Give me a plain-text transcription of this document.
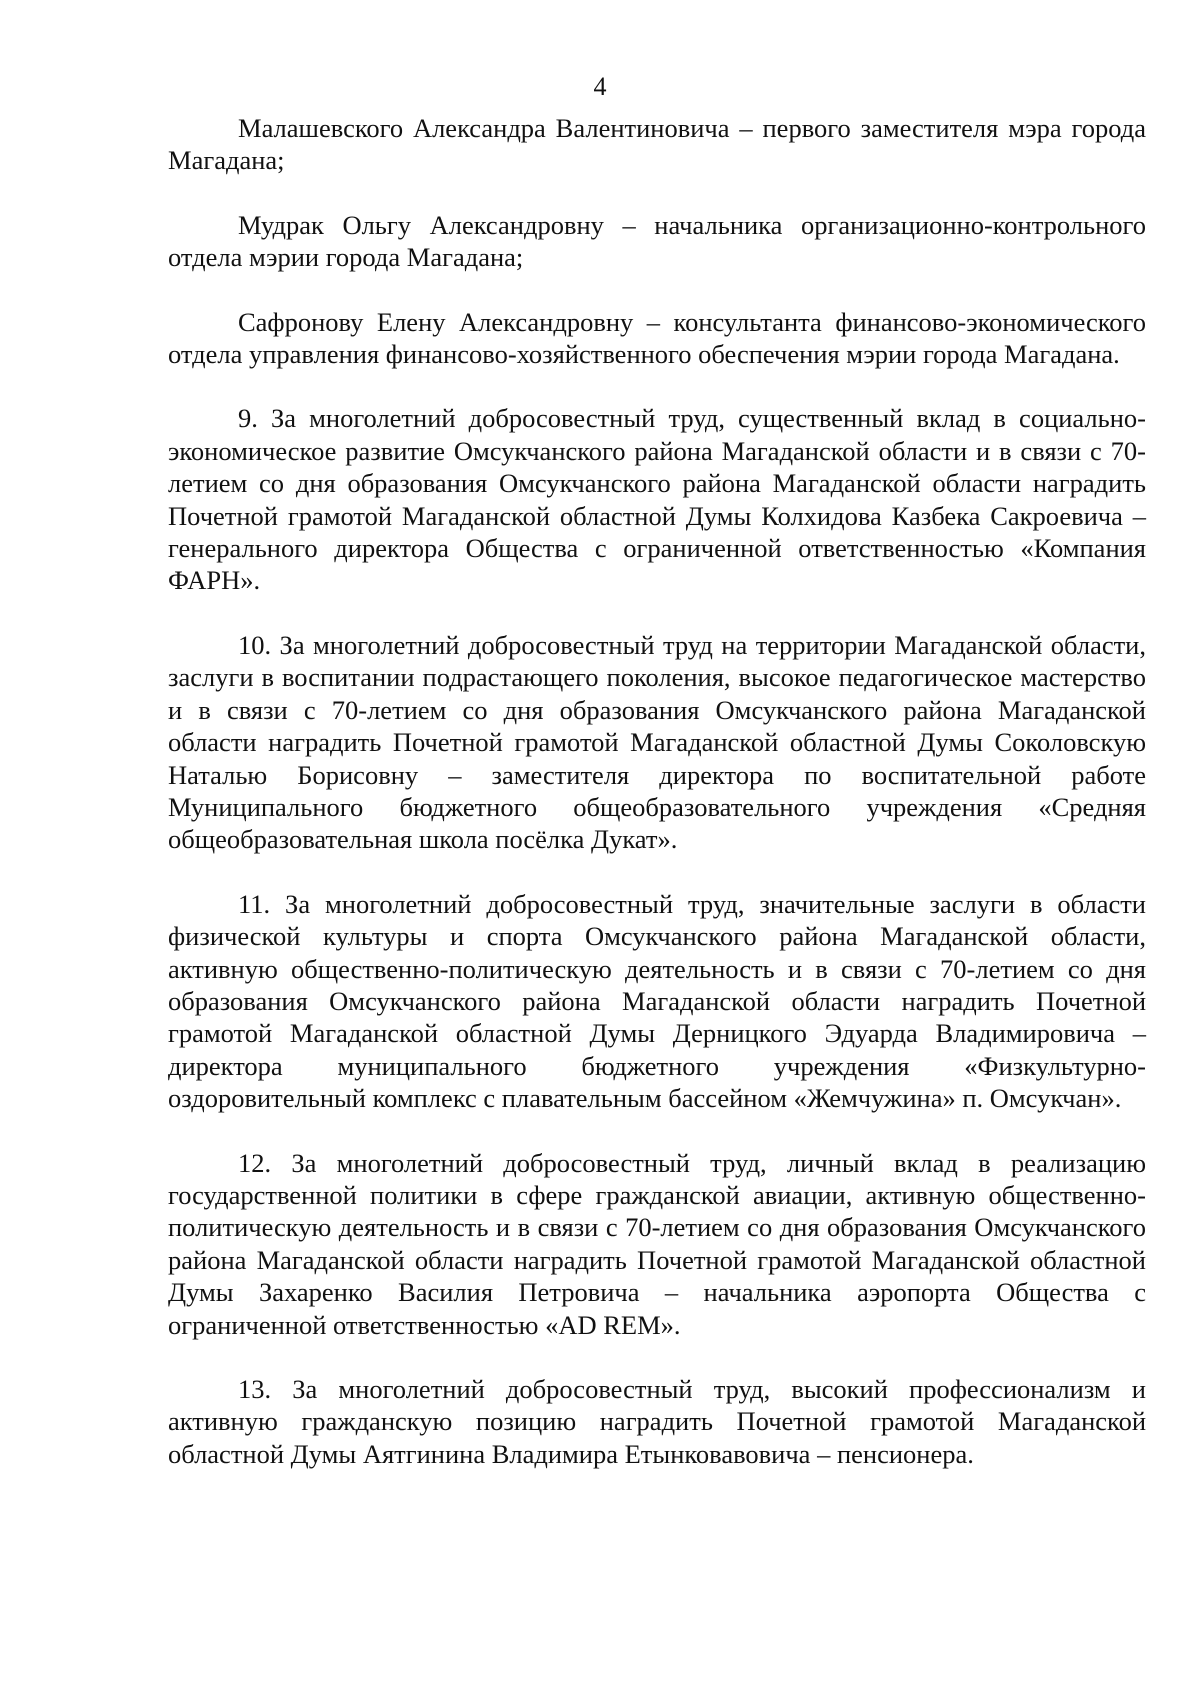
4

Малашевского Александра Валентиновича – первого заместителя мэра города Магадана;

Мудрак Ольгу Александровну – начальника организационно-контрольного отдела мэрии города Магадана;

Сафронову Елену Александровну – консультанта финансово-экономического отдела управления финансово-хозяйственного обеспечения мэрии города Магадана.

9. За многолетний добросовестный труд, существенный вклад в социально-экономическое развитие Омсукчанского района Магаданской области и в связи с 70-летием со дня образования Омсукчанского района Магаданской области наградить Почетной грамотой Магаданской областной Думы Колхидова Казбека Сакроевича – генерального директора Общества с ограниченной ответственностью «Компания ФАРН».

10. За многолетний добросовестный труд на территории Магаданской области, заслуги в воспитании подрастающего поколения, высокое педагогическое мастерство и в связи с 70-летием со дня образования Омсукчанского района Магаданской области наградить Почетной грамотой Магаданской областной Думы Соколовскую Наталью Борисовну – заместителя директора по воспитательной работе Муниципального бюджетного общеобразовательного учреждения «Средняя общеобразовательная школа посёлка Дукат».

11. За многолетний добросовестный труд, значительные заслуги в области физической культуры и спорта Омсукчанского района Магаданской области, активную общественно-политическую деятельность и в связи с 70-летием со дня образования Омсукчанского района Магаданской области наградить Почетной грамотой Магаданской областной Думы Дерницкого Эдуарда Владимировича – директора муниципального бюджетного учреждения «Физкультурно-оздоровительный комплекс с плавательным бассейном «Жемчужина» п. Омсукчан».

12. За многолетний добросовестный труд, личный вклад в реализацию государственной политики в сфере гражданской авиации, активную общественно-политическую деятельность и в связи с 70-летием со дня образования Омсукчанского района Магаданской области наградить Почетной грамотой Магаданской областной Думы Захаренко Василия Петровича – начальника аэропорта Общества с ограниченной ответственностью «AD REM».

13. За многолетний добросовестный труд, высокий профессионализм и активную гражданскую позицию наградить Почетной грамотой Магаданской областной Думы Аятгинина Владимира Етынковавовича – пенсионера.
